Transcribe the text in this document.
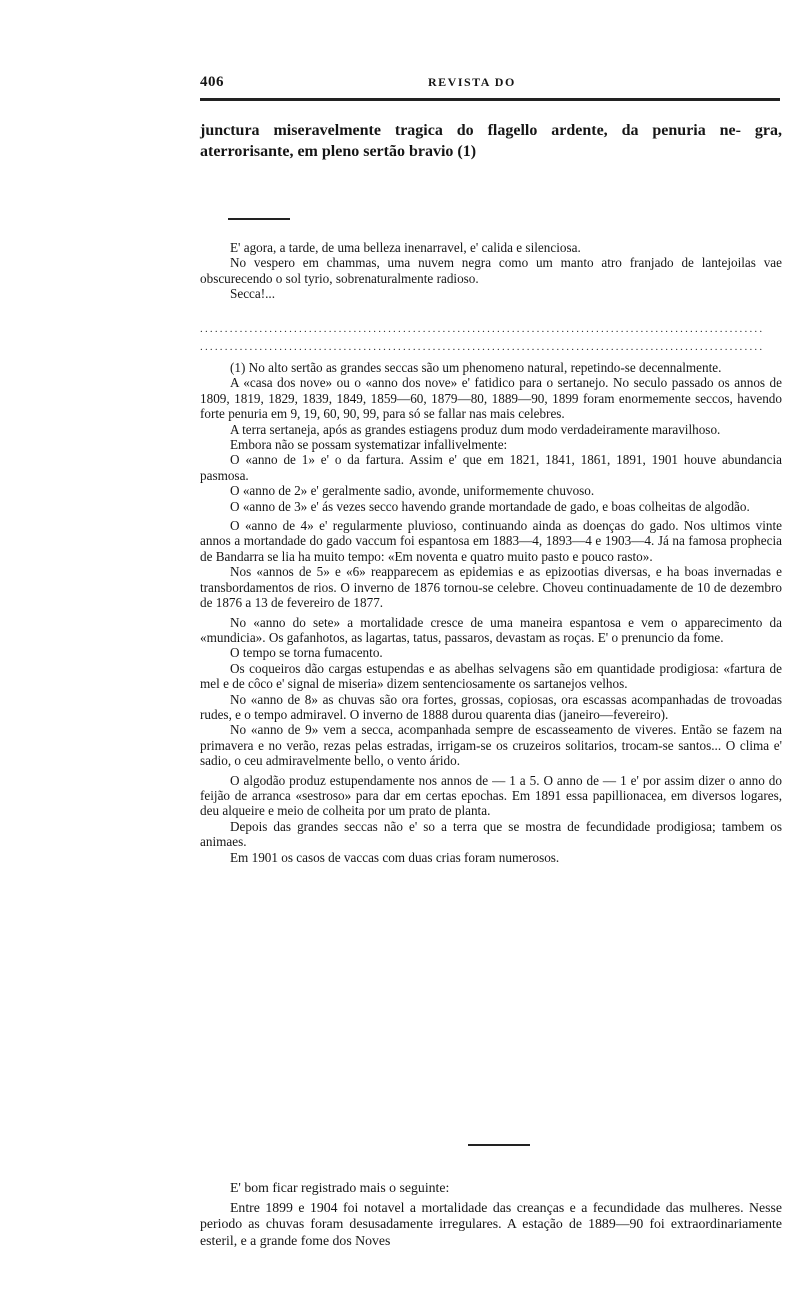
406	REVISTA DO
junctura miseravelmente tragica do flagello ardente, da penuria ne- gra, aterrorisante, em pleno sertão bravio (1)

E' agora, a tarde, de uma belleza inenarravel, e' calida e silenciosa.

No vespero em chammas, uma nuvem negra como um manto atro franjado de lantejoilas vae obscurecendo o sol tyrio, sobrenaturalmente radioso.

Secca!...

..................................................................................................................
..................................................................................................................

(1) No alto sertão as grandes seccas são um phenomeno natural, repetindo-se decennalmente.

A «casa dos nove» ou o «anno dos nove» e' fatidico para o sertanejo. No seculo passado os annos de 1809, 1819, 1829, 1839, 1849, 1859—60, 1879—80, 1889—90, 1899 foram enormemente seccos, havendo forte penuria em 9, 19, 60, 90, 99, para só se fallar nas mais celebres.

A terra sertaneja, após as grandes estiagens produz dum modo verdadeiramente maravilhoso.

Embora não se possam systematizar infallivelmente:

O «anno de 1» e' o da fartura. Assim e' que em 1821, 1841, 1861, 1891, 1901 houve abundancia pasmosa.

O «anno de 2» e' geralmente sadio, avonde, uniformemente chuvoso.

O «anno de 3» e' ás vezes secco havendo grande mortandade de gado, e boas colheitas de algodão.

O «anno de 4» e' regularmente pluvioso, continuando ainda as doenças do gado. Nos ultimos vinte annos a mortandade do gado vaccum foi espantosa em 1883—4, 1893—4 e 1903—4. Já na famosa prophecia de Bandarra se lia ha muito tempo: «Em noventa e quatro muito pasto e pouco rasto».

Nos «annos de 5» e «6» reapparecem as epidemias e as epizootias diversas, e ha boas invernadas e transbordamentos de rios. O inverno de 1876 tornou-se celebre. Choveu continuadamente de 10 de dezembro de 1876 a 13 de fevereiro de 1877.

No «anno do sete» a mortalidade cresce de uma maneira espantosa e vem o apparecimento da «mundicia». Os gafanhotos, as lagartas, tatus, passaros, devastam as roças. E' o prenuncio da fome.

O tempo se torna fumacento.

Os coqueiros dão cargas estupendas e as abelhas selvagens são em quantidade prodigiosa: «fartura de mel e de côco e' signal de miseria» dizem sentenciosamente os sartanejos velhos.

No «anno de 8» as chuvas são ora fortes, grossas, copiosas, ora escassas acompanhadas de trovoadas rudes, e o tempo admiravel. O inverno de 1888 durou quarenta dias (janeiro—fevereiro).

No «anno de 9» vem a secca, acompanhada sempre de escasseamento de viveres. Então se fazem na primavera e no verão, rezas pelas estradas, irrigam-se os cruzeiros solitarios, trocam-se santos... O clima e' sadio, o ceu admiravelmente bello, o vento árido.

O algodão produz estupendamente nos annos de — 1 a 5. O anno de — 1 e' por assim dizer o anno do feijão de arranca «sestroso» para dar em certas epochas. Em 1891 essa papillionacea, em diversos logares, deu alqueire e meio de colheita por um prato de planta.

Depois das grandes seccas não e' so a terra que se mostra de fecundidade prodigiosa; tambem os animaes.

Em 1901 os casos de vaccas com duas crias foram numerosos.

E' bom ficar registrado mais o seguinte:

Entre 1899 e 1904 foi notavel a mortalidade das creanças e a fecundidade das mulheres. Nesse periodo as chuvas foram desusadamente irregulares. A estação de 1889—90 foi extraordinariamente esteril, e a grande fome dos Noves
